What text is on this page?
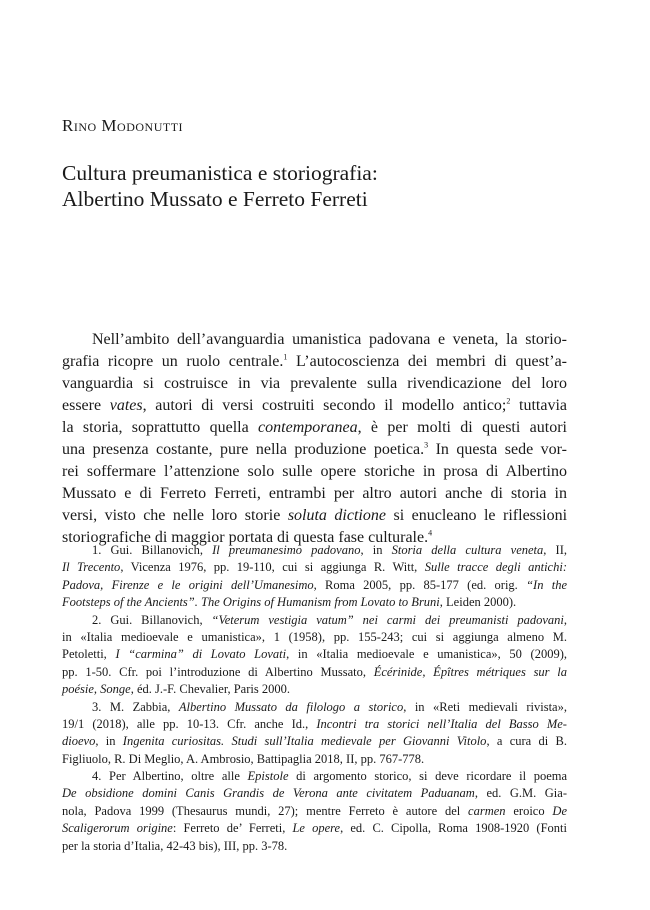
Rino Modonutti
Cultura preumanistica e storiografia:
Albertino Mussato e Ferreto Ferreti
Nell’ambito dell’avanguardia umanistica padovana e veneta, la storio-
grafia ricopre un ruolo centrale.$^1$ L’autocoscienza dei membri di quest’a-
vanguardia si costruisce in via prevalente sulla rivendicazione del loro
essere vates, autori di versi costruiti secondo il modello antico;$^2$ tuttavia
la storia, soprattutto quella contemporanea, è per molti di questi autori
una presenza costante, pure nella produzione poetica.$^3$ In questa sede vor-
rei soffermare l’attenzione solo sulle opere storiche in prosa di Albertino
Mussato e di Ferreto Ferreti, entrambi per altro autori anche di storia in
versi, visto che nelle loro storie soluta dictione si enucleano le riflessioni
storiografiche di maggior portata di questa fase culturale.$^4$
1. Gui. Billanovich, Il preumanesimo padovano, in Storia della cultura veneta, II,
Il Trecento, Vicenza 1976, pp. 19-110, cui si aggiunga R. Witt, Sulle tracce degli antichi:
Padova, Firenze e le origini dell’Umanesimo, Roma 2005, pp. 85-177 (ed. orig. “In the
Footsteps of the Ancients”. The Origins of Humanism from Lovato to Bruni, Leiden 2000).
2. Gui. Billanovich, “Veterum vestigia vatum” nei carmi dei preumanisti padovani,
in «Italia medioevale e umanistica», 1 (1958), pp. 155-243; cui si aggiunga almeno M.
Petoletti, I “carmina” di Lovato Lovati, in «Italia medioevale e umanistica», 50 (2009),
pp. 1-50. Cfr. poi l’introduzione di Albertino Mussato, Écérinide, Épîtres métriques sur la
poésie, Songe, éd. J.-F. Chevalier, Paris 2000.
3. M. Zabbia, Albertino Mussato da filologo a storico, in «Reti medievali rivista»,
19/1 (2018), alle pp. 10-13. Cfr. anche Id., Incontri tra storici nell’Italia del Basso Me-
dioevo, in Ingenita curiositas. Studi sull’Italia medievale per Giovanni Vitolo, a cura di B.
Figliuolo, R. Di Meglio, A. Ambrosio, Battipaglia 2018, II, pp. 767-778.
4. Per Albertino, oltre alle Epistole di argomento storico, si deve ricordare il poema
De obsidione domini Canis Grandis de Verona ante civitatem Paduanam, ed. G.M. Gia-
nola, Padova 1999 (Thesaurus mundi, 27); mentre Ferreto è autore del carmen eroico De
Scaligerorum origine: Ferreto de’ Ferreti, Le opere, ed. C. Cipolla, Roma 1908-1920 (Fonti
per la storia d’Italia, 42-43 bis), III, pp. 3-78.
